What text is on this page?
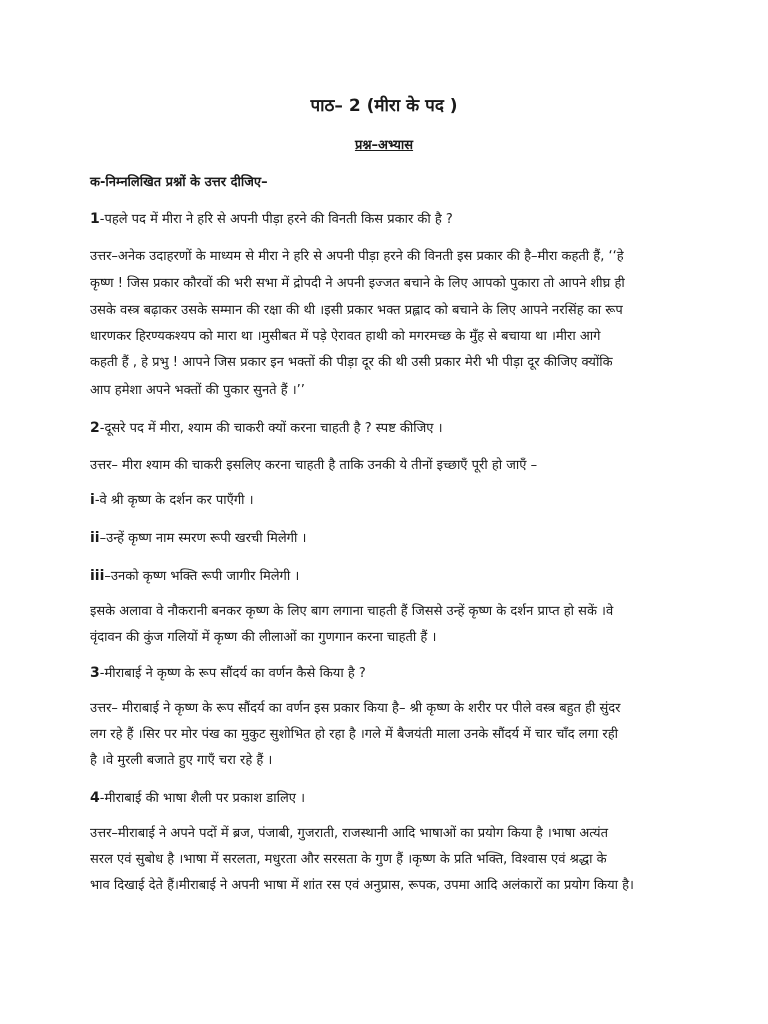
पाठ– 2 (मीरा के पद )
प्रश्न–अभ्यास
क-निम्नलिखित प्रश्नों के उत्तर दीजिए–
1-पहले पद में मीरा ने हरि से अपनी पीड़ा हरने की विनती किस प्रकार की है ?
उत्तर–अनेक उदाहरणों के माध्यम से मीरा ने हरि से अपनी पीड़ा हरने की विनती इस प्रकार की है–मीरा कहती हैं, ‘‘हे
कृष्ण ! जिस प्रकार कौरवों की भरी सभा में द्रोपदी ने अपनी इज्जत बचाने के लिए आपको पुकारा तो आपने शीघ्र ही
उसके वस्त्र बढ़ाकर उसके सम्मान की रक्षा की थी ।इसी प्रकार भक्त प्रह्लाद को बचाने के लिए आपने नरसिंह का रूप
धारणकर हिरण्यकश्यप को मारा था ।मुसीबत में पड़े ऐरावत हाथी को मगरमच्छ के मुँह से बचाया था ।मीरा आगे
कहती हैं , हे प्रभु ! आपने जिस प्रकार इन भक्तों की पीड़ा दूर की थी उसी प्रकार मेरी भी पीड़ा दूर कीजिए क्योंकि
आप हमेशा अपने भक्तों की पुकार सुनते हैं ।’’
2-दूसरे पद में मीरा, श्याम की चाकरी क्यों करना चाहती है ? स्पष्ट कीजिए ।
उत्तर– मीरा श्याम की चाकरी इसलिए करना चाहती है ताकि उनकी ये तीनों इच्छाएँ पूरी हो जाएँ –
i-वे श्री कृष्ण के दर्शन कर पाएँगी ।
ii–उन्हें कृष्ण नाम स्मरण रूपी खरची मिलेगी ।
iii–उनको कृष्ण भक्ति रूपी जागीर मिलेगी ।
इसके अलावा वे नौकरानी बनकर कृष्ण के लिए बाग लगाना चाहती हैं जिससे उन्हें कृष्ण के दर्शन प्राप्त हो सकें ।वे
वृंदावन की कुंज गलियों में कृष्ण की लीलाओं का गुणगान करना चाहती हैं ।
3-मीराबाई ने कृष्ण के रूप सौंदर्य का वर्णन कैसे किया है ?
उत्तर– मीराबाई ने कृष्ण के रूप सौंदर्य का वर्णन इस प्रकार किया है– श्री कृष्ण के शरीर पर पीले वस्त्र बहुत ही सुंदर
लग रहे हैं ।सिर पर मोर पंख का मुकुट सुशोभित हो रहा है ।गले में बैजयंती माला उनके सौंदर्य में चार चाँद लगा रही
है ।वे मुरली बजाते हुए गाएँ चरा रहे हैं ।
4-मीराबाई की भाषा शैली पर प्रकाश डालिए ।
उत्तर–मीराबाई ने अपने पदों में ब्रज, पंजाबी, गुजराती, राजस्थानी आदि भाषाओं का प्रयोग किया है ।भाषा अत्यंत
सरल एवं सुबोध है ।भाषा में सरलता, मधुरता और सरसता के गुण हैं ।कृष्ण के प्रति भक्ति, विश्वास एवं श्रद्धा के
भाव दिखाई देते हैं।मीराबाई ने अपनी भाषा में शांत रस एवं अनुप्रास, रूपक, उपमा आदि अलंकारों का प्रयोग किया है।
